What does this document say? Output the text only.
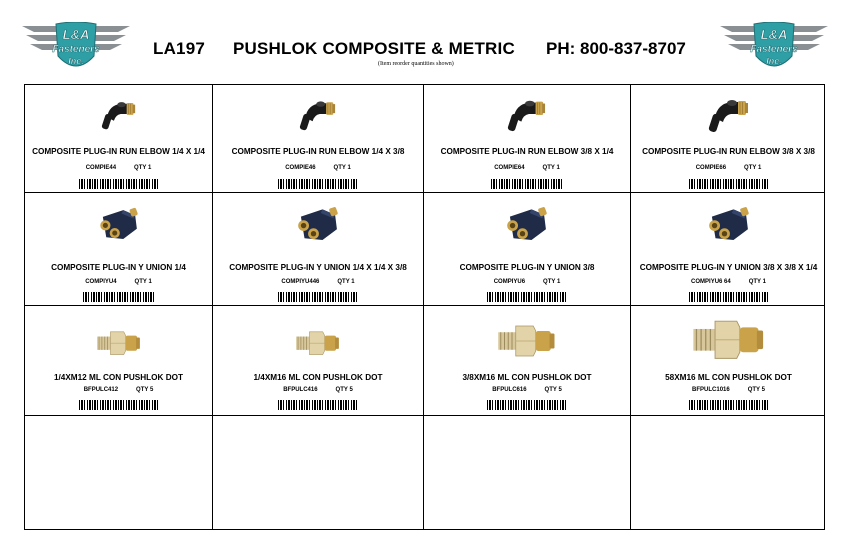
L&A
Fasteners
Inc.
L&A
Fasteners
Inc.
LA197 PUSHLOK COMPOSITE & METRIC PH: 800-837-8707
(Item reorder quantities shown)
COMPOSITE PLUG-IN RUN ELBOW 1/4 X 1/4
COMPIE44	QTY 1
COMPOSITE PLUG-IN RUN ELBOW 1/4 X 3/8
COMPIE46	QTY 1
COMPOSITE PLUG-IN RUN ELBOW 3/8 X 1/4
COMPIE64	QTY 1
COMPOSITE PLUG-IN RUN ELBOW 3/8 X 3/8
COMPIE66	QTY 1
COMPOSITE PLUG-IN Y UNION 1/4
COMPIYU4	QTY 1
COMPOSITE PLUG-IN Y UNION 1/4 X 1/4 X 3/8
COMPIYU446	QTY 1
COMPOSITE PLUG-IN Y UNION 3/8
COMPIYU6	QTY 1
COMPOSITE PLUG-IN Y UNION 3/8 X 3/8 X 1/4
COMPIYU6 64	QTY 1
1/4XM12 ML CON PUSHLOK DOT
BFPULC412	QTY 5
1/4XM16 ML CON PUSHLOK DOT
BFPULC416	QTY 5
3/8XM16 ML CON PUSHLOK DOT
BFPULC616	QTY 5
58XM16 ML CON PUSHLOK DOT
BFPULC1016	QTY 5
